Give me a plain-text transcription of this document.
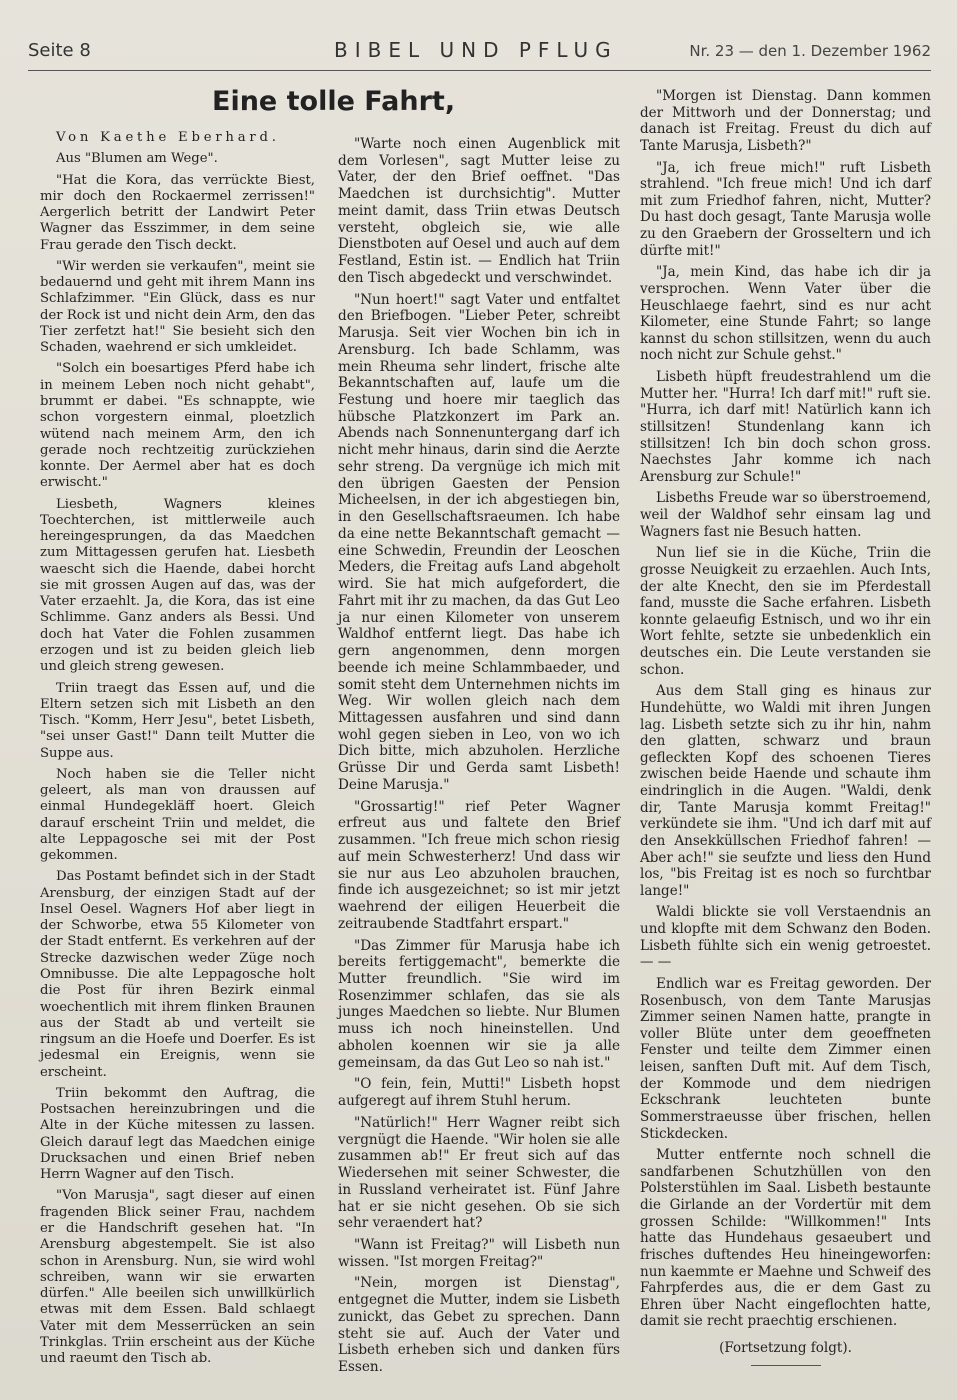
Seite 8	BIBEL UND PFLUG	Nr. 23 — den 1. Dezember 1962
Eine tolle Fahrt,

Von Kaethe Eberhard.

Aus "Blumen am Wege".

"Hat die Kora, das verrückte Biest, mir doch den Rockaermel zerrissen!" Aergerlich betritt der Landwirt Peter Wagner das Esszimmer, in dem seine Frau gerade den Tisch deckt.

"Wir werden sie verkaufen", meint sie bedauernd und geht mit ihrem Mann ins Schlafzimmer. "Ein Glück, dass es nur der Rock ist und nicht dein Arm, den das Tier zerfetzt hat!" Sie besieht sich den Schaden, waehrend er sich umkleidet.

"Solch ein boesartiges Pferd habe ich in meinem Leben noch nicht gehabt", brummt er dabei. "Es schnappte, wie schon vorgestern einmal, ploetzlich wütend nach meinem Arm, den ich gerade noch rechtzeitig zurückziehen konnte. Der Aermel aber hat es doch erwischt."

Liesbeth, Wagners kleines Toechterchen, ist mittlerweile auch hereingesprungen, da das Maedchen zum Mittagessen gerufen hat. Liesbeth waescht sich die Haende, dabei horcht sie mit grossen Augen auf das, was der Vater erzaehlt. Ja, die Kora, das ist eine Schlimme. Ganz anders als Bessi. Und doch hat Vater die Fohlen zusammen erzogen und ist zu beiden gleich lieb und gleich streng gewesen.

Triin traegt das Essen auf, und die Eltern setzen sich mit Lisbeth an den Tisch. "Komm, Herr Jesu", betet Lisbeth, "sei unser Gast!" Dann teilt Mutter die Suppe aus.

Noch haben sie die Teller nicht geleert, als man von draussen auf einmal Hundegekläff hoert. Gleich darauf erscheint Triin und meldet, die alte Leppagosche sei mit der Post gekommen.

Das Postamt befindet sich in der Stadt Arensburg, der einzigen Stadt auf der Insel Oesel. Wagners Hof aber liegt in der Schworbe, etwa 55 Kilometer von der Stadt entfernt. Es verkehren auf der Strecke dazwischen weder Züge noch Omnibusse. Die alte Leppagosche holt die Post für ihren Bezirk einmal woechentlich mit ihrem flinken Braunen aus der Stadt ab und verteilt sie ringsum an die Hoefe und Doerfer. Es ist jedesmal ein Ereignis, wenn sie erscheint.

Triin bekommt den Auftrag, die Postsachen hereinzubringen und die Alte in der Küche mitessen zu lassen. Gleich darauf legt das Maedchen einige Drucksachen und einen Brief neben Herrn Wagner auf den Tisch.

"Von Marusja", sagt dieser auf einen fragenden Blick seiner Frau, nachdem er die Handschrift gesehen hat. "In Arensburg abgestempelt. Sie ist also schon in Arensburg. Nun, sie wird wohl schreiben, wann wir sie erwarten dürfen." Alle beeilen sich unwillkürlich etwas mit dem Essen. Bald schlaegt Vater mit dem Messerrücken an sein Trinkglas. Triin erscheint aus der Küche und raeumt den Tisch ab.

"Warte noch einen Augenblick mit dem Vorlesen", sagt Mutter leise zu Vater, der den Brief oeffnet. "Das Maedchen ist durchsichtig". Mutter meint damit, dass Triin etwas Deutsch versteht, obgleich sie, wie alle Dienstboten auf Oesel und auch auf dem Festland, Estin ist. — Endlich hat Triin den Tisch abgedeckt und verschwindet.

"Nun hoert!" sagt Vater und entfaltet den Briefbogen. "Lieber Peter, schreibt Marusja. Seit vier Wochen bin ich in Arensburg. Ich bade Schlamm, was mein Rheuma sehr lindert, frische alte Bekanntschaften auf, laufe um die Festung und hoere mir taeglich das hübsche Platzkonzert im Park an. Abends nach Sonnenuntergang darf ich nicht mehr hinaus, darin sind die Aerzte sehr streng. Da vergnüge ich mich mit den übrigen Gaesten der Pension Micheelsen, in der ich abgestiegen bin, in den Gesellschaftsraeumen. Ich habe da eine nette Bekanntschaft gemacht — eine Schwedin, Freundin der Leoschen Meders, die Freitag aufs Land abgeholt wird. Sie hat mich aufgefordert, die Fahrt mit ihr zu machen, da das Gut Leo ja nur einen Kilometer von unserem Waldhof entfernt liegt. Das habe ich gern angenommen, denn morgen beende ich meine Schlammbaeder, und somit steht dem Unternehmen nichts im Weg. Wir wollen gleich nach dem Mittagessen ausfahren und sind dann wohl gegen sieben in Leo, von wo ich Dich bitte, mich abzuholen. Herzliche Grüsse Dir und Gerda samt Lisbeth! Deine Marusja."

"Grossartig!" rief Peter Wagner erfreut aus und faltete den Brief zusammen. "Ich freue mich schon riesig auf mein Schwesterherz! Und dass wir sie nur aus Leo abzuholen brauchen, finde ich ausgezeichnet; so ist mir jetzt waehrend der eiligen Heuerbeit die zeitraubende Stadtfahrt erspart."

"Das Zimmer für Marusja habe ich bereits fertiggemacht", bemerkte die Mutter freundlich. "Sie wird im Rosenzimmer schlafen, das sie als junges Maedchen so liebte. Nur Blumen muss ich noch hineinstellen. Und abholen koennen wir sie ja alle gemeinsam, da das Gut Leo so nah ist."

"O fein, fein, Mutti!" Lisbeth hopst aufgeregt auf ihrem Stuhl herum.

"Natürlich!" Herr Wagner reibt sich vergnügt die Haende. "Wir holen sie alle zusammen ab!" Er freut sich auf das Wiedersehen mit seiner Schwester, die in Russland verheiratet ist. Fünf Jahre hat er sie nicht gesehen. Ob sie sich sehr veraendert hat?

"Wann ist Freitag?" will Lisbeth nun wissen. "Ist morgen Freitag?"

"Nein, morgen ist Dienstag", entgegnet die Mutter, indem sie Lisbeth zunickt, das Gebet zu sprechen. Dann steht sie auf. Auch der Vater und Lisbeth erheben sich und danken fürs Essen.

"Morgen ist Dienstag. Dann kommen der Mittworh und der Donnerstag; und danach ist Freitag. Freust du dich auf Tante Marusja, Lisbeth?"

"Ja, ich freue mich!" ruft Lisbeth strahlend. "Ich freue mich! Und ich darf mit zum Friedhof fahren, nicht, Mutter? Du hast doch gesagt, Tante Marusja wolle zu den Graebern der Grosseltern und ich dürfte mit!"

"Ja, mein Kind, das habe ich dir ja versprochen. Wenn Vater über die Heuschlaege faehrt, sind es nur acht Kilometer, eine Stunde Fahrt; so lange kannst du schon stillsitzen, wenn du auch noch nicht zur Schule gehst."

Lisbeth hüpft freudestrahlend um die Mutter her. "Hurra! Ich darf mit!" ruft sie. "Hurra, ich darf mit! Natürlich kann ich stillsitzen! Stundenlang kann ich stillsitzen! Ich bin doch schon gross. Naechstes Jahr komme ich nach Arensburg zur Schule!"

Lisbeths Freude war so überstroemend, weil der Waldhof sehr einsam lag und Wagners fast nie Besuch hatten.

Nun lief sie in die Küche, Triin die grosse Neuigkeit zu erzaehlen. Auch Ints, der alte Knecht, den sie im Pferdestall fand, musste die Sache erfahren. Lisbeth konnte gelaeufig Estnisch, und wo ihr ein Wort fehlte, setzte sie unbedenklich ein deutsches ein. Die Leute verstanden sie schon.

Aus dem Stall ging es hinaus zur Hundehütte, wo Waldi mit ihren Jungen lag. Lisbeth setzte sich zu ihr hin, nahm den glatten, schwarz und braun gefleckten Kopf des schoenen Tieres zwischen beide Haende und schaute ihm eindringlich in die Augen. "Waldi, denk dir, Tante Marusja kommt Freitag!" verkündete sie ihm. "Und ich darf mit auf den Ansekküllschen Friedhof fahren! — Aber ach!" sie seufzte und liess den Hund los, "bis Freitag ist es noch so furchtbar lange!"

Waldi blickte sie voll Verstaendnis an und klopfte mit dem Schwanz den Boden. Lisbeth fühlte sich ein wenig getroestet. — —

Endlich war es Freitag geworden. Der Rosenbusch, von dem Tante Marusjas Zimmer seinen Namen hatte, prangte in voller Blüte unter dem geoeffneten Fenster und teilte dem Zimmer einen leisen, sanften Duft mit. Auf dem Tisch, der Kommode und dem niedrigen Eckschrank leuchteten bunte Sommerstraeusse über frischen, hellen Stickdecken.

Mutter entfernte noch schnell die sandfarbenen Schutzhüllen von den Polsterstühlen im Saal. Lisbeth bestaunte die Girlande an der Vordertür mit dem grossen Schilde: "Willkommen!" Ints hatte das Hundehaus gesaeubert und frisches duftendes Heu hineingeworfen: nun kaemmte er Maehne und Schweif des Fahrpferdes aus, die er dem Gast zu Ehren über Nacht eingeflochten hatte, damit sie recht praechtig erschienen.

(Fortsetzung folgt).
